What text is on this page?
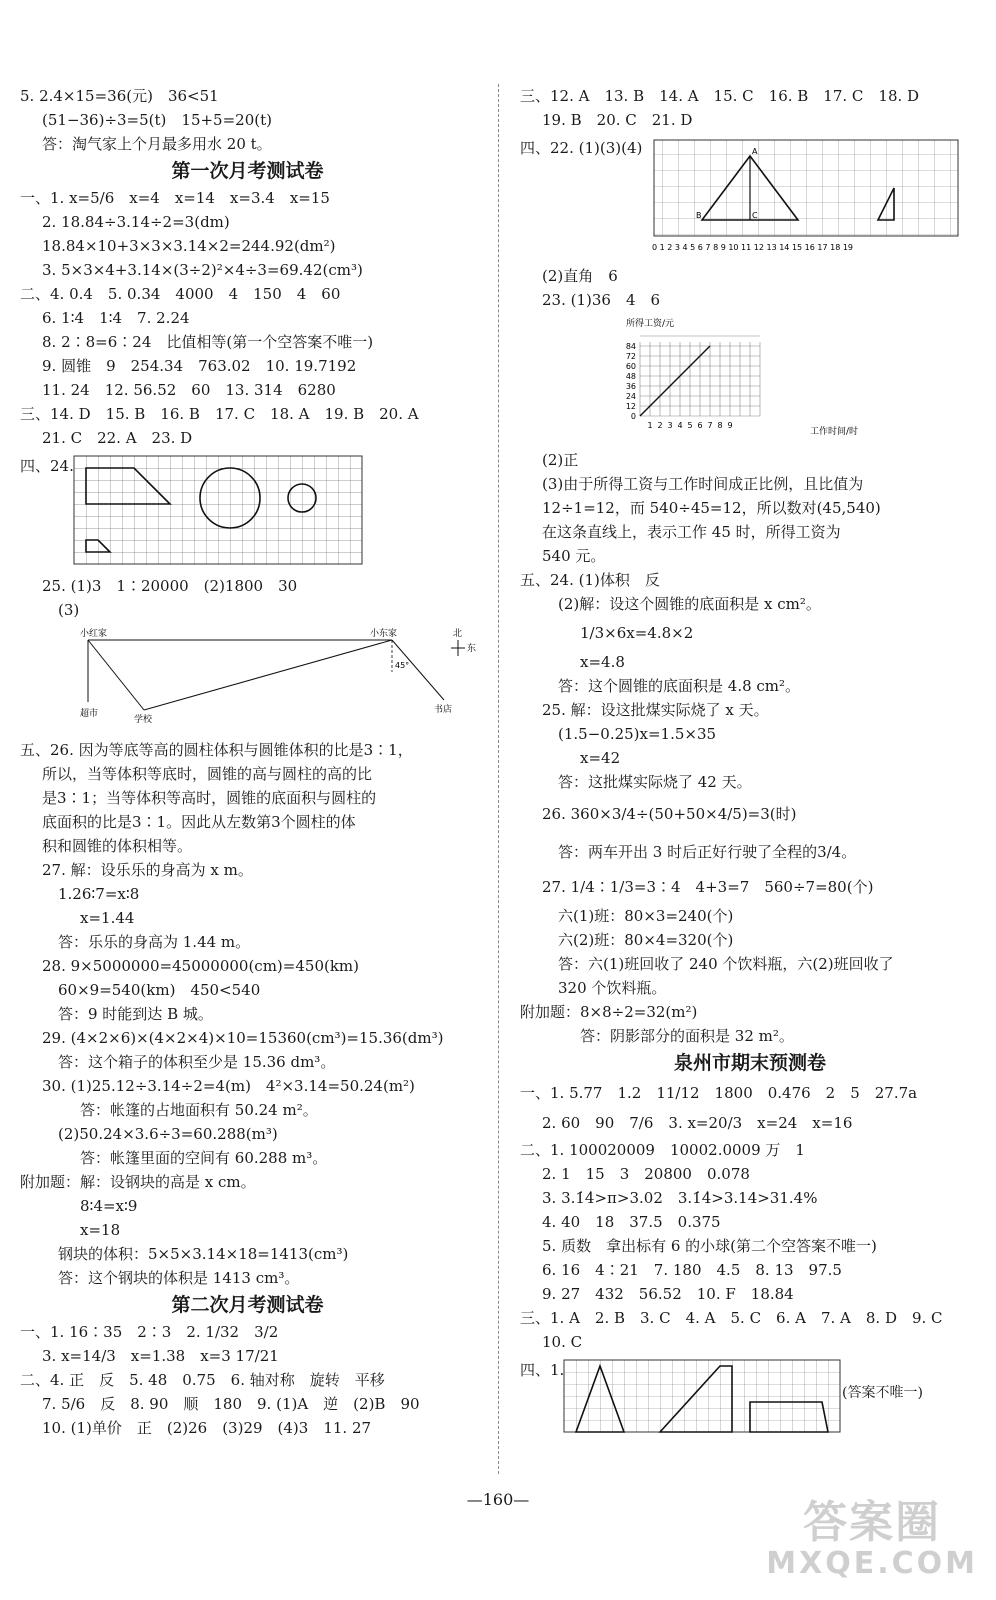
5. 2.4×15=36(元)　36<51
(51−36)÷3=5(t)　15+5=20(t)
答：淘气家上个月最多用水 20 t。
第一次月考测试卷
一、1. x=5/6　x=4　x=14　x=3.4　x=15
2. 18.84÷3.14÷2=3(dm)
18.84×10+3×3×3.14×2=244.92(dm²)
3. 5×3×4+3.14×(3÷2)²×4÷3=69.42(cm³)
二、4. 0.4　5. 0.34　4000　4　150　4　60
6. 1∶4　1∶4　7. 2.24
8. 2∶8=6∶24　比值相等(第一个空答案不唯一)
9. 圆锥　9　254.34　763.02　10. 19.7192
11. 24　12. 56.52　60　13. 314　6280
三、14. D　15. B　16. B　17. C　18. A　19. B　20. A
21. C　22. A　23. D
四、24.
25. (1)3　1∶20000　(2)1800　30
(3)
小红家	小东家
超市
学校
书店
45°
北
东
五、26. 因为等底等高的圆柱体积与圆锥体积的比是3∶1，
所以，当等体积等底时，圆锥的高与圆柱的高的比
是3∶1；当等体积等高时，圆锥的底面积与圆柱的
底面积的比是3∶1。因此从左数第3个圆柱的体
积和圆锥的体积相等。
27. 解：设乐乐的身高为 x m。
1.26∶7=x∶8
x=1.44
答：乐乐的身高为 1.44 m。
28. 9×5000000=45000000(cm)=450(km)
60×9=540(km)　450<540
答：9 时能到达 B 城。
29. (4×2×6)×(4×2×4)×10=15360(cm³)=15.36(dm³)
答：这个箱子的体积至少是 15.36 dm³。
30. (1)25.12÷3.14÷2=4(m)　4²×3.14=50.24(m²)
答：帐篷的占地面积有 50.24 m²。
(2)50.24×3.6÷3=60.288(m³)
答：帐篷里面的空间有 60.288 m³。
附加题：解：设钢块的高是 x cm。
8∶4=x∶9
x=18
钢块的体积：5×5×3.14×18=1413(cm³)
答：这个钢块的体积是 1413 cm³。
第二次月考测试卷
一、1. 16∶35　2∶3　2. 1/32　3/2
3. x=14/3　x=1.38　x=3 17/21
二、4. 正　反　5. 48　0.75　6. 轴对称　旋转　平移
7. 5/6　反　8. 90　顺　180　9. (1)A　逆　(2)B　90
10. (1)单价　正　(2)26　(3)29　(4)3　11. 27
三、12. A　13. B　14. A　15. C　16. B　17. C　18. D
19. B　20. C　21. D
四、22. (1)(3)(4)	A
B	C
0 1 2 3 4 5 6 7 8 9 10 11 12 13 14 15 16 17 18 19
(2)直角　6
23. (1)36　4　6
所得工资/元
工作时间/时
84
72
60
48
36
24
12
0
1 2 3 4 5 6 7 8 9
(2)正
(3)由于所得工资与工作时间成正比例，且比值为
12÷1=12，而 540÷45=12，所以数对(45,540)
在这条直线上，表示工作 45 时，所得工资为
540 元。
五、24. (1)体积　反
(2)解：设这个圆锥的底面积是 x cm²。
1/3×6x=4.8×2
x=4.8
答：这个圆锥的底面积是 4.8 cm²。
25. 解：设这批煤实际烧了 x 天。
(1.5−0.25)x=1.5×35
x=42
答：这批煤实际烧了 42 天。
26. 360×3/4÷(50+50×4/5)=3(时)
答：两车开出 3 时后正好行驶了全程的3/4。
27. 1/4∶1/3=3∶4　4+3=7　560÷7=80(个)
六(1)班：80×3=240(个)
六(2)班：80×4=320(个)
答：六(1)班回收了 240 个饮料瓶，六(2)班回收了
320 个饮料瓶。
附加题：8×8÷2=32(m²)
答：阴影部分的面积是 32 m²。
泉州市期末预测卷
一、1. 5.77　1.2　11/12　1800　0.476　2　5　27.7a
2. 60　90　7/6　3. x=20/3　x=24　x=16
二、1. 100020009　10002.0009 万　1
2. 1　15　3　20800　0.078
3. 3.1̇4̇>π>3.02　3.1̇4̇>3.14>31.4%
4. 40　18　37.5　0.375
5. 质数　拿出标有 6 的小球(第二个空答案不唯一)
6. 16　4∶21　7. 180　4.5　8. 13　97.5
9. 27　432　56.52　10. F　18.84
三、1. A　2. B　3. C　4. A　5. C　6. A　7. A　8. D　9. C
10. C
四、1.
(答案不唯一)
—160—	答案圈
MXQE.COM
